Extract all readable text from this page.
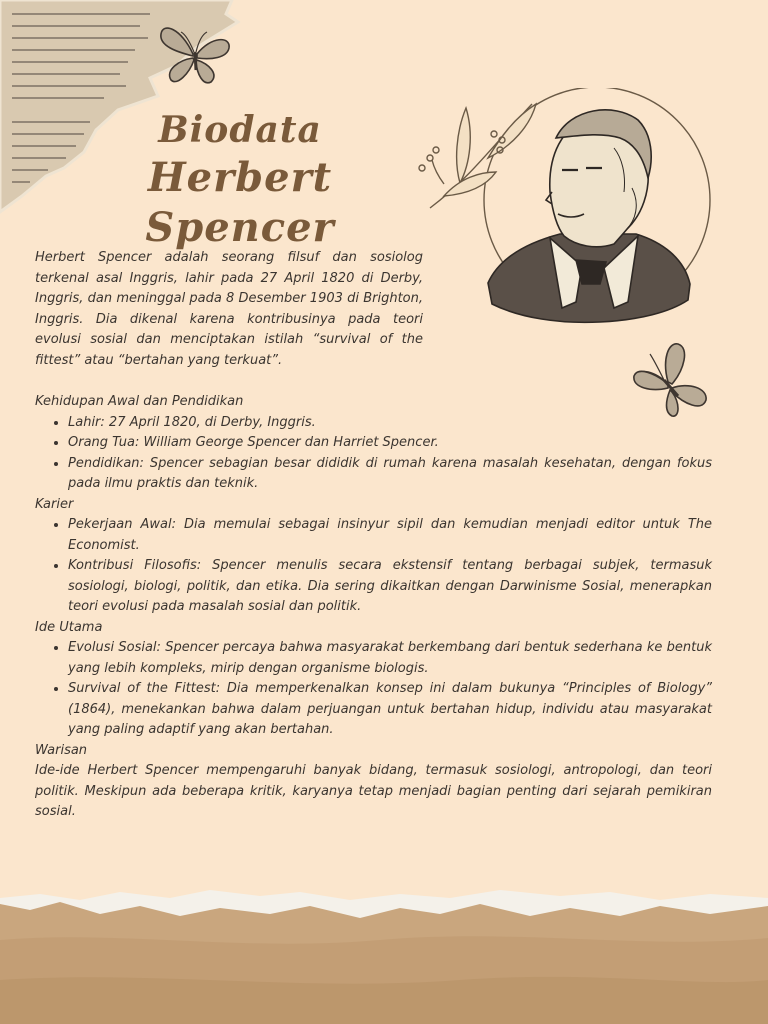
Biodata
Herbert Spencer

Herbert Spencer adalah seorang filsuf dan sosiolog terkenal asal Inggris, lahir pada 27 April 1820 di Derby, Inggris, dan meninggal pada 8 Desember 1903 di Brighton, Inggris. Dia dikenal karena kontribusinya pada teori evolusi sosial dan menciptakan istilah “survival of the fittest” atau “bertahan yang terkuat”.

Kehidupan Awal dan Pendidikan
• Lahir: 27 April 1820, di Derby, Inggris.
• Orang Tua: William George Spencer dan Harriet Spencer.
• Pendidikan: Spencer sebagian besar dididik di rumah karena masalah kesehatan, dengan fokus pada ilmu praktis dan teknik.
Karier
• Pekerjaan Awal: Dia memulai sebagai insinyur sipil dan kemudian menjadi editor untuk The Economist.
• Kontribusi Filosofis: Spencer menulis secara ekstensif tentang berbagai subjek, termasuk sosiologi, biologi, politik, dan etika. Dia sering dikaitkan dengan Darwinisme Sosial, menerapkan teori evolusi pada masalah sosial dan politik.
Ide Utama
• Evolusi Sosial: Spencer percaya bahwa masyarakat berkembang dari bentuk sederhana ke bentuk yang lebih kompleks, mirip dengan organisme biologis.
• Survival of the Fittest: Dia memperkenalkan konsep ini dalam bukunya “Principles of Biology” (1864), menekankan bahwa dalam perjuangan untuk bertahan hidup, individu atau masyarakat yang paling adaptif yang akan bertahan.
Warisan

Ide-ide Herbert Spencer mempengaruhi banyak bidang, termasuk sosiologi, antropologi, dan teori politik. Meskipun ada beberapa kritik, karyanya tetap menjadi bagian penting dari sejarah pemikiran sosial.
